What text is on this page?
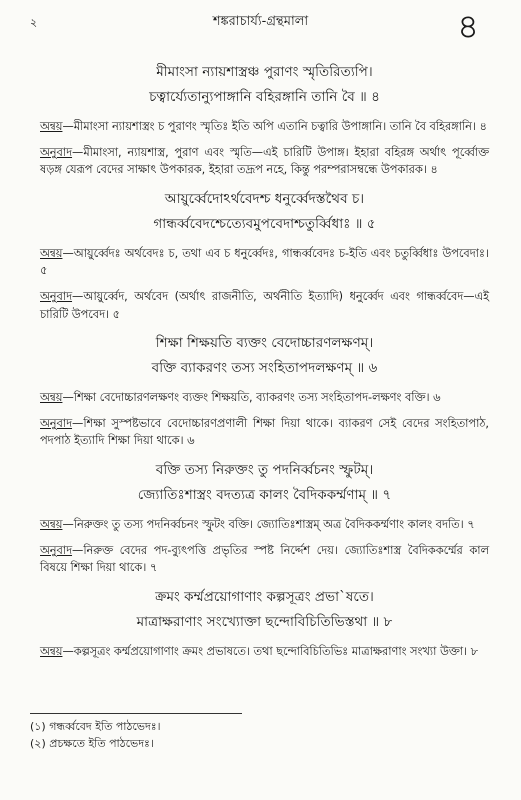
২	শঙ্করাচার্য্য-গ্রন্থমালা	৪

মীমাংসা ন্যায়শাস্ত্রঞ্চ পুরাণং স্মৃতিরিত্যপি।

চত্বার্য্যেতান্যুপাঙ্গানি বহিরঙ্গানি তানি বৈ ॥ ৪

অন্বয়—মীমাংসা ন্যায়শাস্ত্রং চ পুরাণং স্মৃতিঃ ইতি অপি এতানি চত্বারি উপাঙ্গানি। তানি বৈ বহিরঙ্গানি। ৪

অনুবাদ—মীমাংসা, ন্যায়শাস্ত্র, পুরাণ এবং স্মৃতি—এই চারিটি উপাঙ্গ। ইহারা বহিরঙ্গ অর্থাৎ পূর্ব্বোক্ত ষড়ঙ্গ যেরূপ বেদের সাক্ষাৎ উপকারক, ইহারা তদ্রূপ নহে, কিন্তু পরম্পরাসম্বন্ধে উপকারক। ৪

আয়ুর্ব্বেদোঽর্থবেদশ্চ ধনুর্ব্বেদস্তথৈব চ।

গান্ধর্ব্ববেদশ্চেত্যেবমুপবেদাশ্চতুর্ব্বিধাঃ ॥ ৫

অন্বয়—আয়ুর্ব্বেদঃ অর্থবেদঃ চ, তথা এব চ ধনুর্ব্বেদঃ, গান্ধর্ব্ববেদঃ চ-ইতি এবং চতুর্ব্বিধাঃ উপবেদাঃ। ৫

অনুবাদ—আয়ুর্ব্বেদ, অর্থবেদ (অর্থাৎ রাজনীতি, অর্থনীতি ইত্যাদি) ধনুর্ব্বেদ এবং গান্ধর্ব্ববেদ—এই চারিটি উপবেদ। ৫

শিক্ষা শিক্ষয়তি ব্যক্তং বেদোচ্চারণলক্ষণম্।

বক্তি ব্যাকরণং তস্য সংহিতাপদলক্ষণম্ ॥ ৬

অন্বয়—শিক্ষা বেদোচ্চারণলক্ষণং ব্যক্তং শিক্ষয়তি, ব্যাকরণং তস্য সংহিতাপদ-লক্ষণং বক্তি। ৬

অনুবাদ—শিক্ষা সুস্পষ্টভাবে বেদোচ্চারণপ্রণালী শিক্ষা দিয়া থাকে। ব্যাকরণ সেই বেদের সংহিতাপাঠ, পদপাঠ ইত্যাদি শিক্ষা দিয়া থাকে। ৬

বক্তি তস্য নিরুক্তং তু পদনির্ব্বচনং স্ফুটম্।

জ্যোতিঃশাস্ত্রং বদত্যত্র কালং বৈদিককর্ম্মণাম্ ॥ ৭

অন্বয়—নিরুক্তং তু তস্য পদনির্ব্বচনং স্ফুটং বক্তি। জ্যোতিঃশাস্ত্রম্ অত্র বৈদিককর্ম্মণাং কালং বদতি। ৭

অনুবাদ—নিরুক্ত বেদের পদ-ব্যুৎপত্তি প্রভৃতির স্পষ্ট নির্দ্দেশ দেয়। জ্যোতিঃশাস্ত্র বৈদিককর্ম্মের কাল বিষয়ে শিক্ষা দিয়া থাকে। ৭

ক্রমং কর্ম্মপ্রয়োগাণাং কল্পসূত্রং প্রভা`ষতে।

মাত্রাক্ষরাণাং সংখ্যোক্তা ছন্দোবিচিতিভিস্তথা ॥ ৮

অন্বয়—কল্পসূত্রং কর্ম্মপ্রয়োগাণাং ক্রমং প্রভাষতে। তথা ছন্দোবিচিতিভিঃ মাত্রাক্ষরাণাং সংখ্যা উক্তা। ৮

(১) গন্ধর্ব্ববেদ ইতি পাঠভেদঃ।
(২) প্রচক্ষতে ইতি পাঠভেদঃ।
